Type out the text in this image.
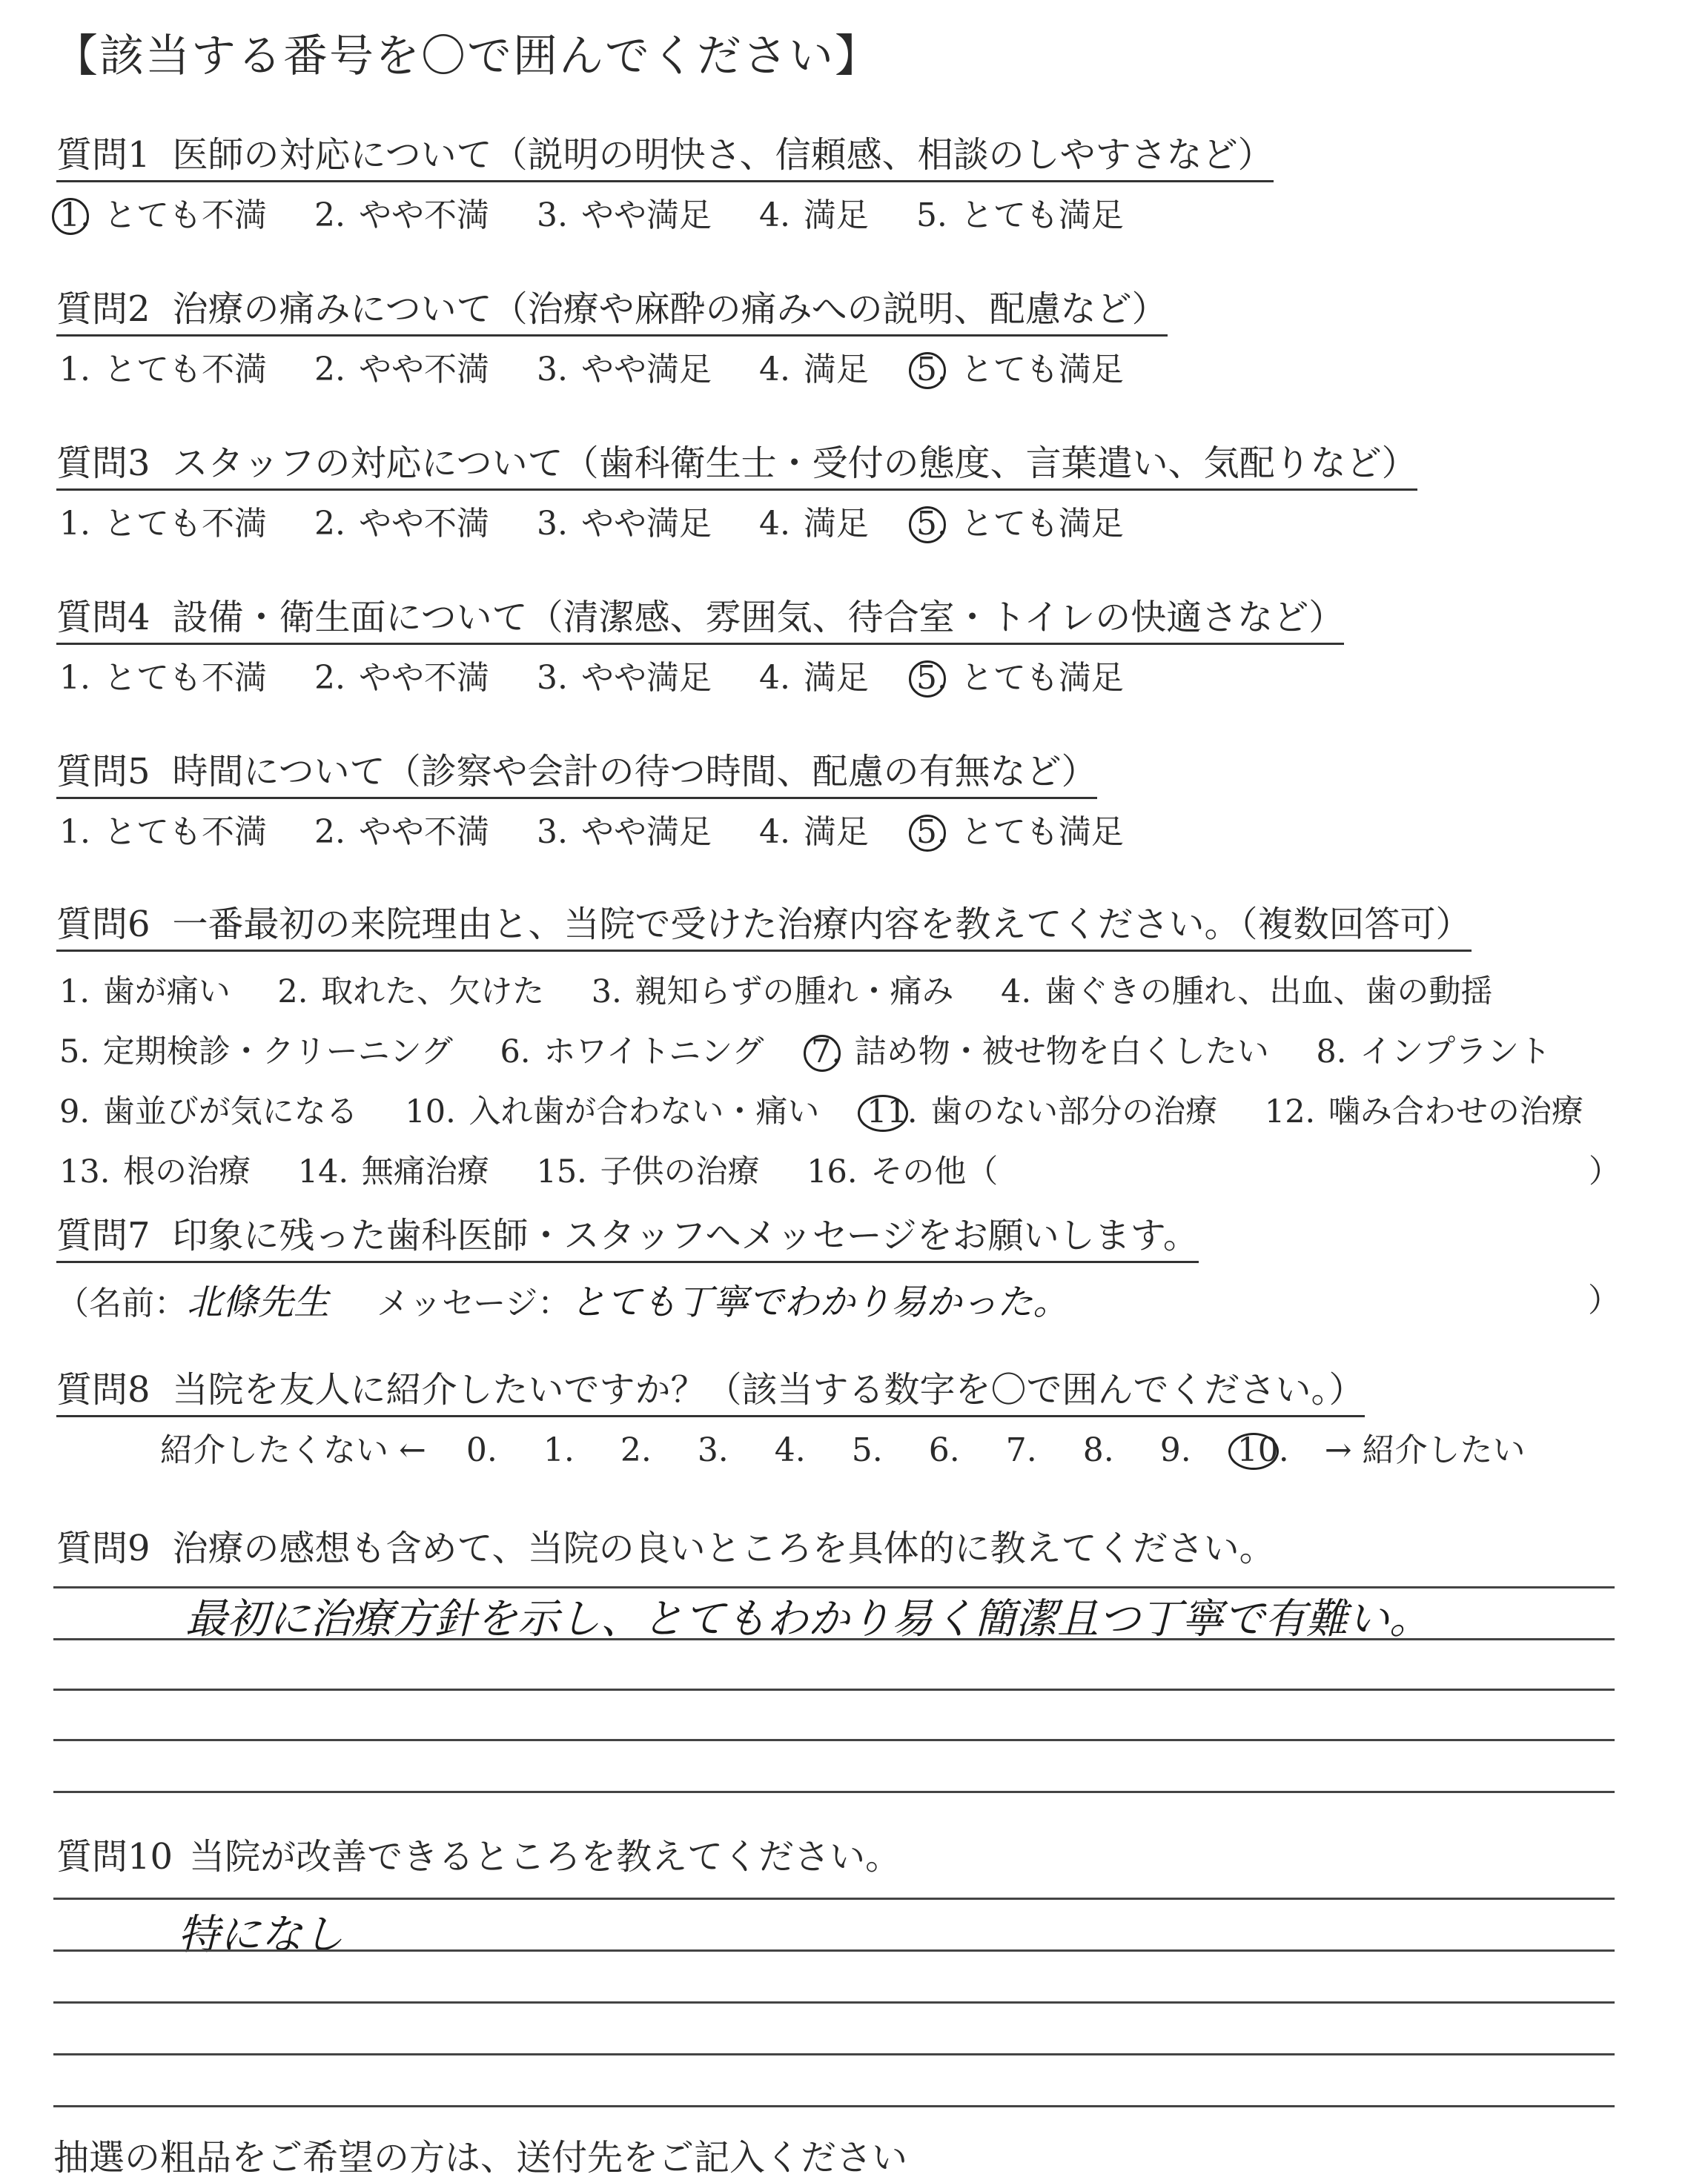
【該当する番号を〇で囲んでください】
質問1 医師の対応について（説明の明快さ、信頼感、相談のしやすさなど）
1. とても不満 2. やや不満 3. やや満足 4. 満足 5. とても満足
質問2 治療の痛みについて（治療や麻酔の痛みへの説明、配慮など）
1. とても不満 2. やや不満 3. やや満足 4. 満足 5. とても満足
質問3 スタッフの対応について（歯科衛生士・受付の態度、言葉遣い、気配りなど）
1. とても不満 2. やや不満 3. やや満足 4. 満足 5. とても満足
質問4 設備・衛生面について（清潔感、雰囲気、待合室・トイレの快適さなど）
1. とても不満 2. やや不満 3. やや満足 4. 満足 5. とても満足
質問5 時間について（診察や会計の待つ時間、配慮の有無など）
1. とても不満 2. やや不満 3. やや満足 4. 満足 5. とても満足
質問6 一番最初の来院理由と、当院で受けた治療内容を教えてください。（複数回答可）
1. 歯が痛い 2. 取れた、欠けた 3. 親知らずの腫れ・痛み 4. 歯ぐきの腫れ、出血、歯の動揺
5. 定期検診・クリーニング 6. ホワイトニング 7. 詰め物・被せ物を白くしたい 8. インプラント
9. 歯並びが気になる 10. 入れ歯が合わない・痛い 11. 歯のない部分の治療 12. 噛み合わせの治療
13. 根の治療 14. 無痛治療 15. 子供の治療 16. その他（	）
質問7 印象に残った歯科医師・スタッフへメッセージをお願いします。
（名前：北條先生 メッセージ：とても丁寧でわかり易かった。	）
質問8 当院を友人に紹介したいですか？（該当する数字を〇で囲んでください。）
紹介したくない ← 0. 1. 2. 3. 4. 5. 6. 7. 8. 9. 10. → 紹介したい
質問9 治療の感想も含めて、当院の良いところを具体的に教えてください。
最初に治療方針を示し、とてもわかり易く簡潔且つ丁寧で有難い。
質問10 当院が改善できるところを教えてください。
特になし
抽選の粗品をご希望の方は、送付先をご記入ください
